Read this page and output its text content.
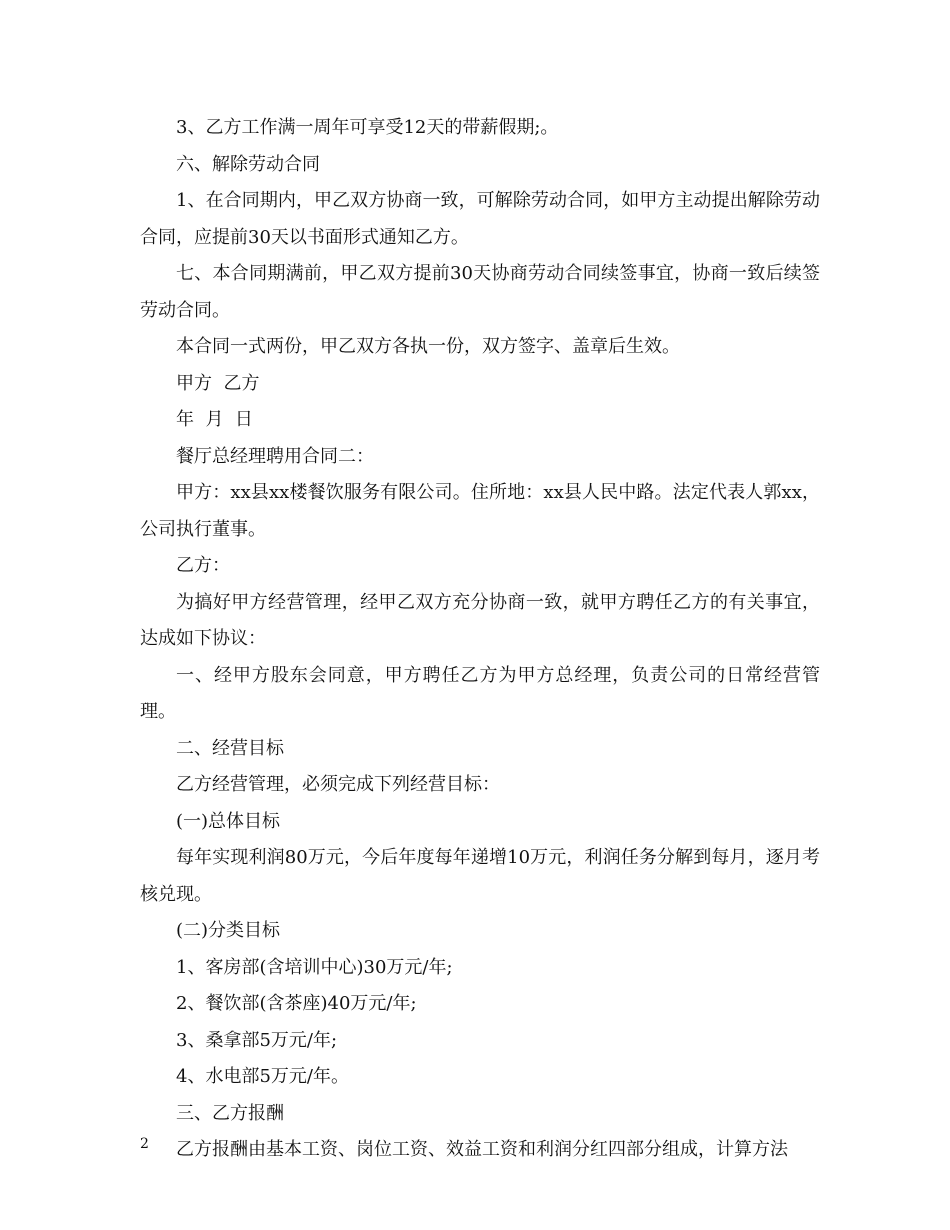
3、乙方工作满一周年可享受12天的带薪假期;。

六、解除劳动合同

1、在合同期内，甲乙双方协商一致，可解除劳动合同，如甲方主动提出解除劳动合同，应提前30天以书面形式通知乙方。

七、本合同期满前，甲乙双方提前30天协商劳动合同续签事宜，协商一致后续签劳动合同。

本合同一式两份，甲乙双方各执一份，双方签字、盖章后生效。

甲方  乙方

年  月  日

餐厅总经理聘用合同二：

甲方：xx县xx楼餐饮服务有限公司。住所地：xx县人民中路。法定代表人郭xx，公司执行董事。

乙方：

为搞好甲方经营管理，经甲乙双方充分协商一致，就甲方聘任乙方的有关事宜，达成如下协议：

一、经甲方股东会同意，甲方聘任乙方为甲方总经理，负责公司的日常经营管理。

二、经营目标

乙方经营管理，必须完成下列经营目标：

(一)总体目标

每年实现利润80万元，今后年度每年递增10万元，利润任务分解到每月，逐月考核兑现。

(二)分类目标

1、客房部(含培训中心)30万元/年;

2、餐饮部(含茶座)40万元/年;

3、桑拿部5万元/年;

4、水电部5万元/年。

三、乙方报酬

乙方报酬由基本工资、岗位工资、效益工资和利润分红四部分组成，计算方法

2
